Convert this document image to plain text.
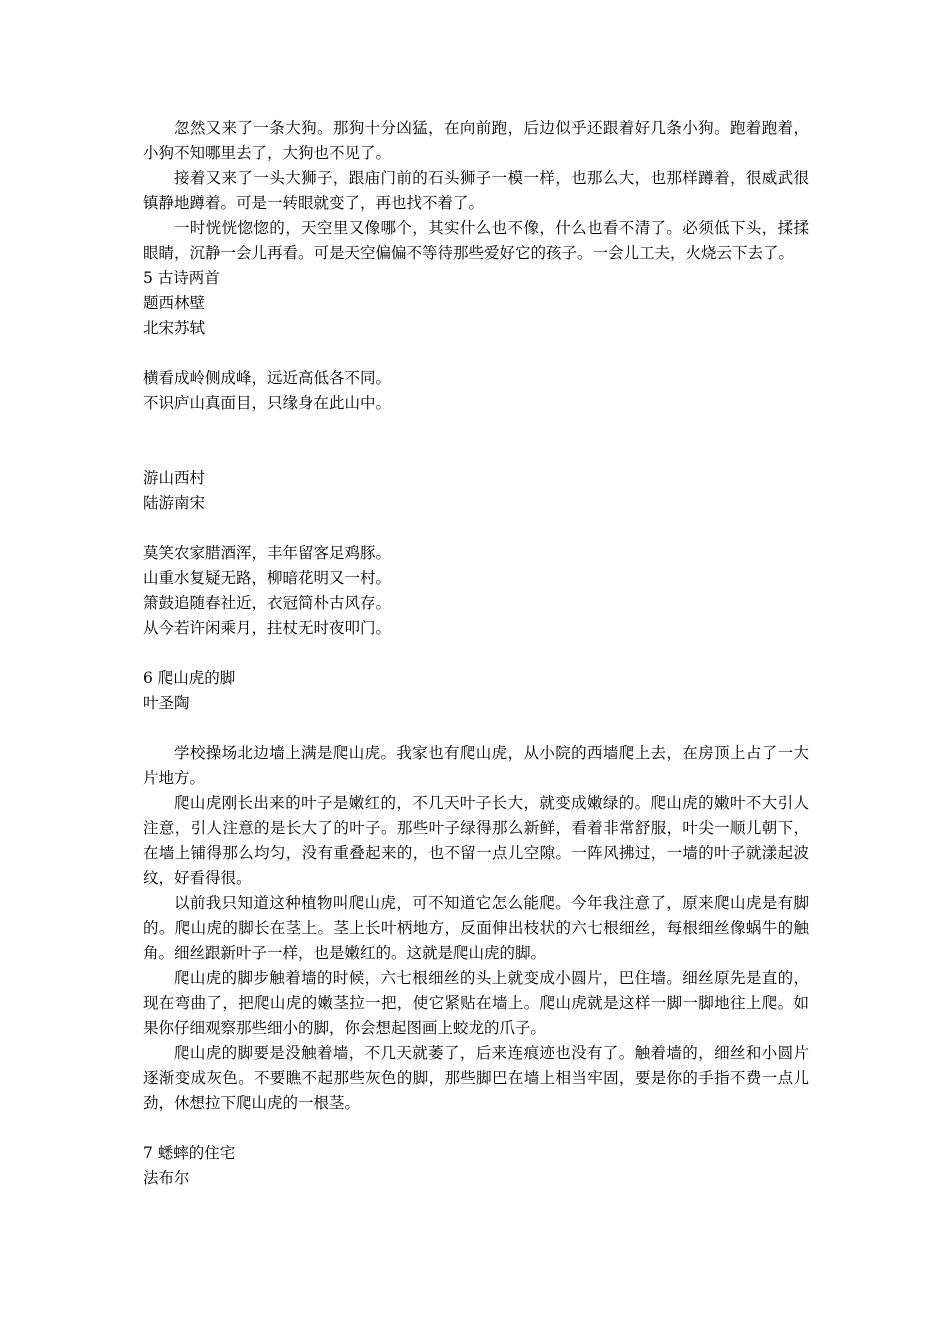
忽然又来了一条大狗。那狗十分凶猛，在向前跑，后边似乎还跟着好几条小狗。跑着跑着，小狗不知哪里去了，大狗也不见了。

接着又来了一头大狮子，跟庙门前的石头狮子一模一样，也那么大，也那样蹲着，很威武很镇静地蹲着。可是一转眼就变了，再也找不着了。

一时恍恍惚惚的，天空里又像哪个，其实什么也不像，什么也看不清了。必须低下头，揉揉眼睛，沉静一会儿再看。可是天空偏偏不等待那些爱好它的孩子。一会儿工夫，火烧云下去了。

5 古诗两首

题西林壁

北宋苏轼

横看成岭侧成峰，远近高低各不同。

不识庐山真面目，只缘身在此山中。

游山西村

陆游南宋

莫笑农家腊酒浑，丰年留客足鸡豚。

山重水复疑无路，柳暗花明又一村。

箫鼓追随春社近，衣冠简朴古风存。

从今若许闲乘月，拄杖无时夜叩门。

6 爬山虎的脚

叶圣陶

学校操场北边墙上满是爬山虎。我家也有爬山虎，从小院的西墙爬上去，在房顶上占了一大片地方。

爬山虎刚长出来的叶子是嫩红的，不几天叶子长大，就变成嫩绿的。爬山虎的嫩叶不大引人注意，引人注意的是长大了的叶子。那些叶子绿得那么新鲜，看着非常舒服，叶尖一顺儿朝下，在墙上铺得那么均匀，没有重叠起来的，也不留一点儿空隙。一阵风拂过，一墙的叶子就漾起波纹，好看得很。

以前我只知道这种植物叫爬山虎，可不知道它怎么能爬。今年我注意了，原来爬山虎是有脚的。爬山虎的脚长在茎上。茎上长叶柄地方，反面伸出枝状的六七根细丝，每根细丝像蜗牛的触角。细丝跟新叶子一样，也是嫩红的。这就是爬山虎的脚。

爬山虎的脚步触着墙的时候，六七根细丝的头上就变成小圆片，巴住墙。细丝原先是直的，现在弯曲了，把爬山虎的嫩茎拉一把，使它紧贴在墙上。爬山虎就是这样一脚一脚地往上爬。如果你仔细观察那些细小的脚，你会想起图画上蛟龙的爪子。

爬山虎的脚要是没触着墙，不几天就萎了，后来连痕迹也没有了。触着墙的，细丝和小圆片逐渐变成灰色。不要瞧不起那些灰色的脚，那些脚巴在墙上相当牢固，要是你的手指不费一点儿劲，休想拉下爬山虎的一根茎。

7 蟋蟀的住宅

法布尔
